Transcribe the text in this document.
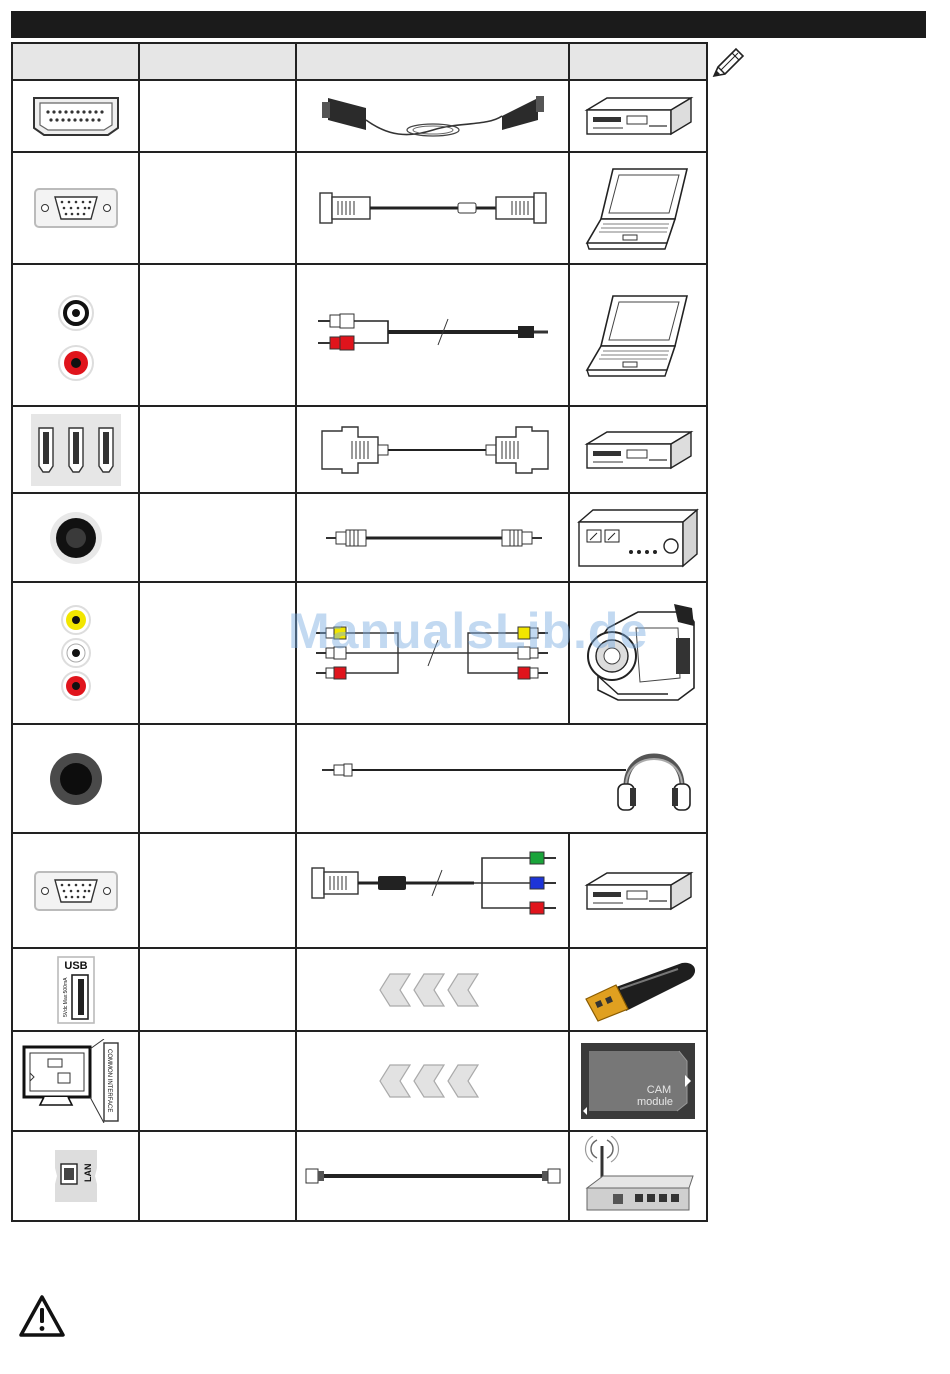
USB
5Vdc Max:500mA

COMMON INTERFACE			CAM
module

LAN

ManualsLib.de
